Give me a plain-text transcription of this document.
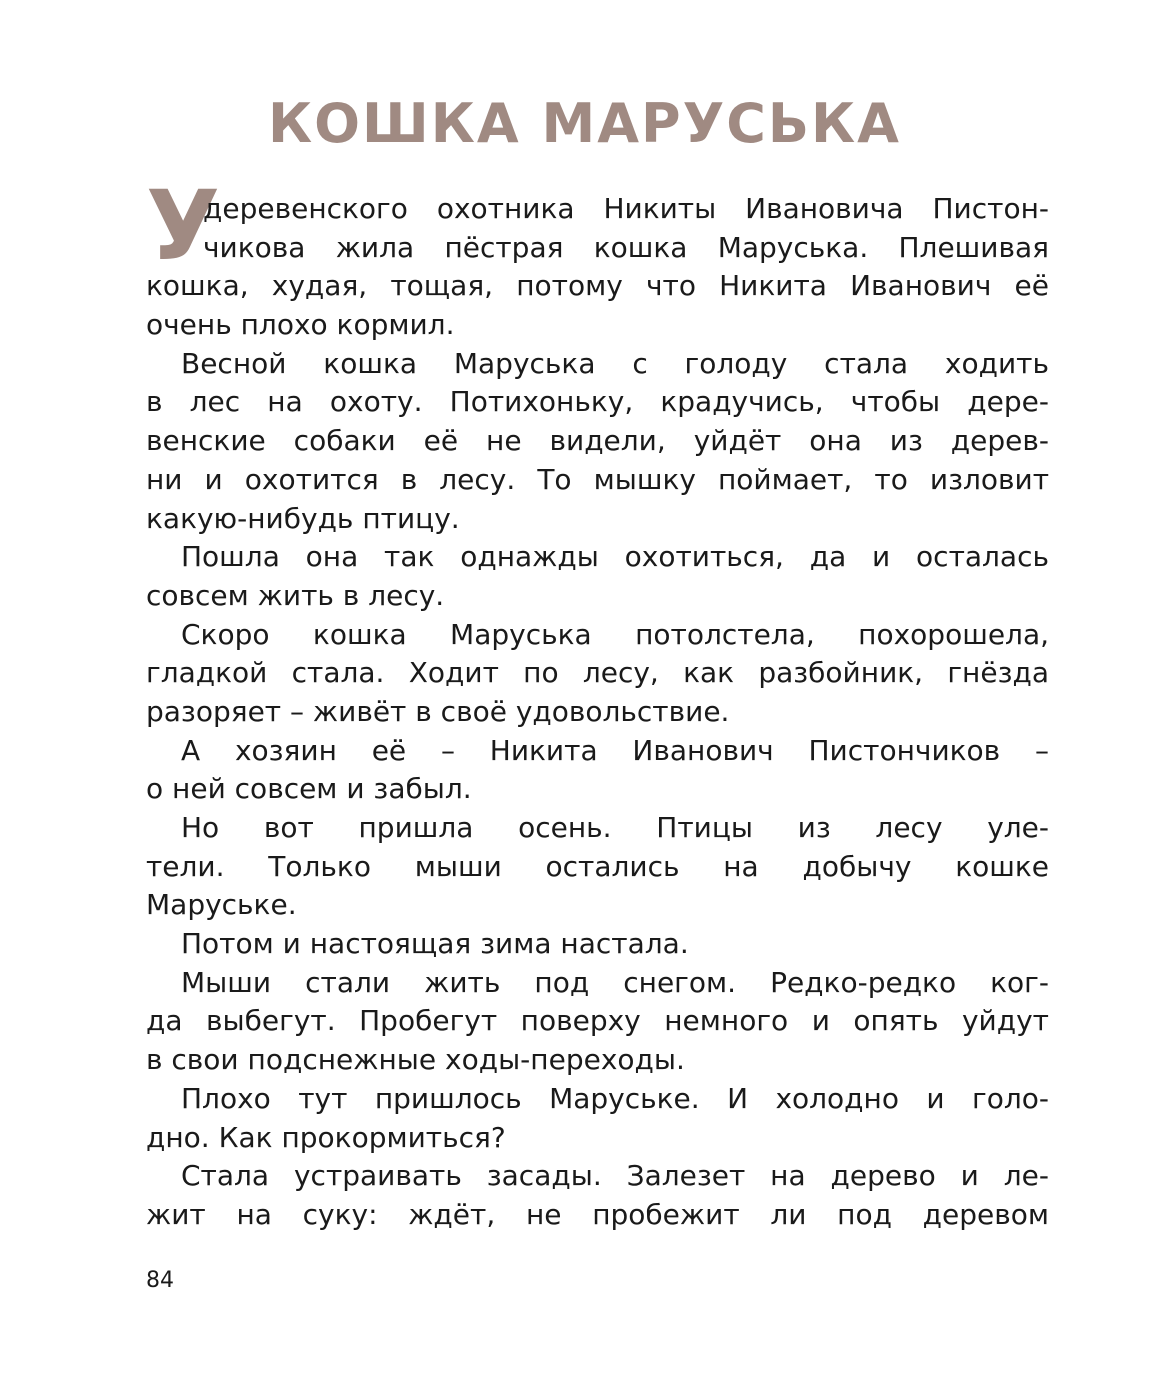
КОШКА МАРУСЬКА
У
деревенского охотника Никиты Ивановича Пистон-
чикова жила пёстрая кошка Маруська. Плешивая
кошка, худая, тощая, потому что Никита Иванович её
очень плохо кормил.
Весной кошка Маруська с голоду стала ходить
в лес на охоту. Потихоньку, крадучись, чтобы дере-
венские собаки её не видели, уйдёт она из дерев-
ни и охотится в лесу. То мышку поймает, то изловит
какую-нибудь птицу.
Пошла она так однажды охотиться, да и осталась
совсем жить в лесу.
Скоро кошка Маруська потолстела, похорошела,
гладкой стала. Ходит по лесу, как разбойник, гнёзда
разоряет – живёт в своё удовольствие.
А хозяин её – Никита Иванович Пистончиков –
о ней совсем и забыл.
Но вот пришла осень. Птицы из лесу уле-
тели. Только мыши остались на добычу кошке
Маруське.
Потом и настоящая зима настала.
Мыши стали жить под снегом. Редко-редко ког-
да выбегут. Пробегут поверху немного и опять уйдут
в свои подснежные ходы-переходы.
Плохо тут пришлось Маруське. И холодно и голо-
дно. Как прокормиться?
Стала устраивать засады. Залезет на дерево и ле-
жит на суку: ждёт, не пробежит ли под деревом
84
